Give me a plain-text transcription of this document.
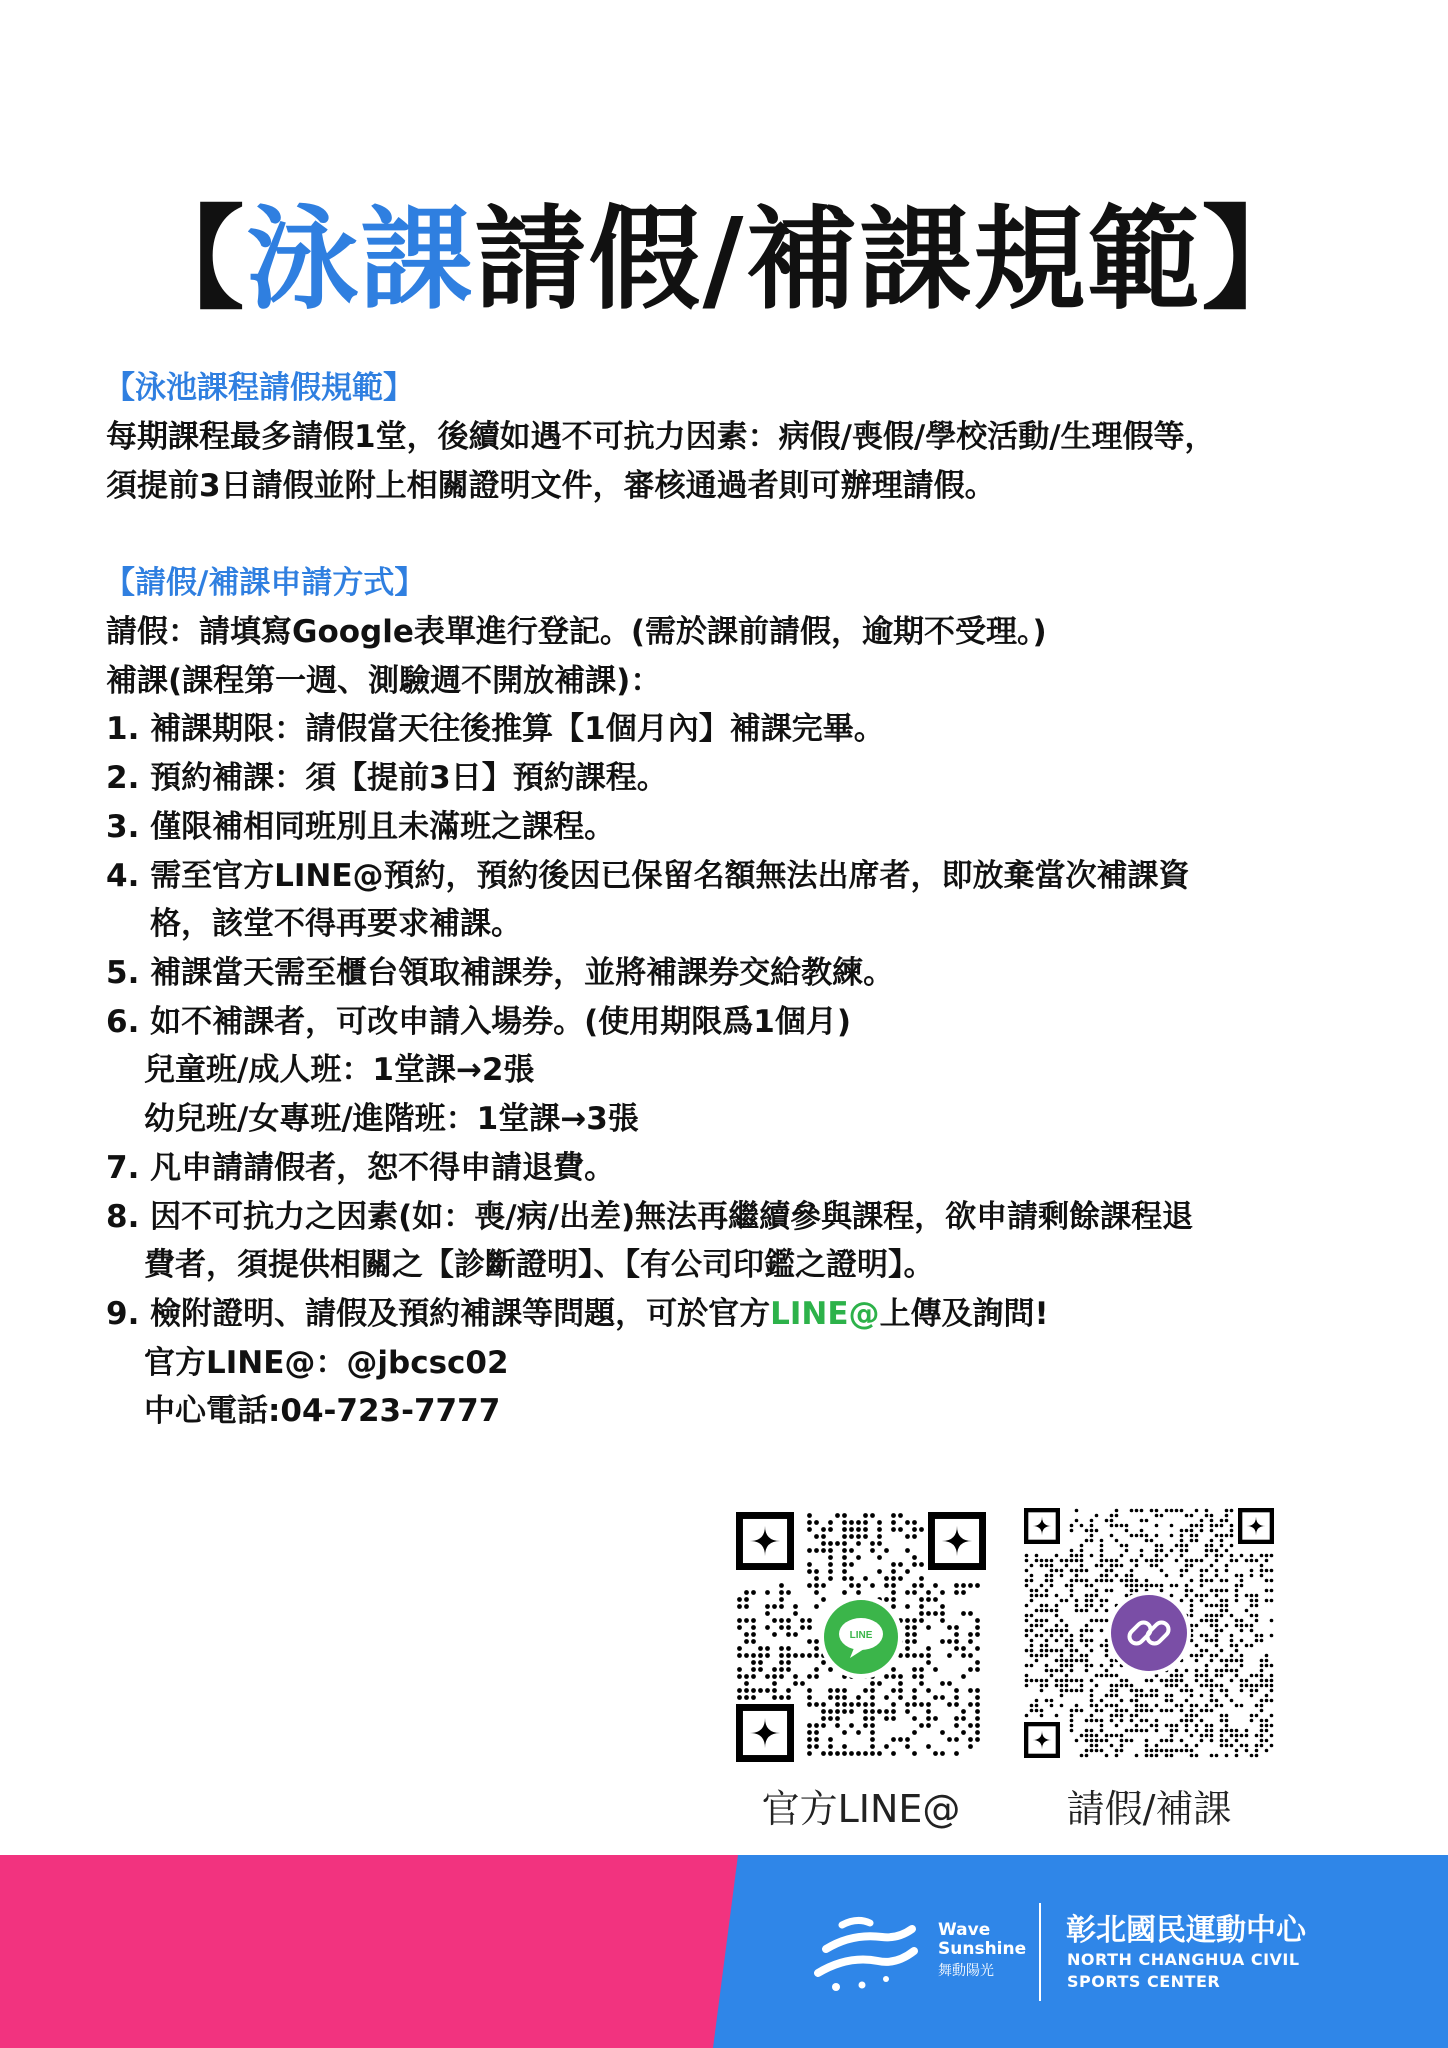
【泳課請假/補課規範】
【泳池課程請假規範】
每期課程最多請假1堂，後續如遇不可抗力因素：病假/喪假/學校活動/生理假等，
須提前3日請假並附上相關證明文件，審核通過者則可辦理請假。
【請假/補課申請方式】
請假：請填寫Google表單進行登記。(需於課前請假，逾期不受理。)
補課(課程第一週、測驗週不開放補課)：
1. 補課期限：請假當天往後推算【1個月內】補課完畢。
2. 預約補課：須【提前3日】預約課程。
3. 僅限補相同班別且未滿班之課程。
4. 需至官方LINE@預約，預約後因已保留名額無法出席者，即放棄當次補課資
格，該堂不得再要求補課。
5. 補課當天需至櫃台領取補課券，並將補課券交給教練。
6. 如不補課者，可改申請入場券。(使用期限爲1個月)
兒童班/成人班：1堂課→2張
幼兒班/女專班/進階班：1堂課→3張
7. 凡申請請假者，恕不得申請退費。
8. 因不可抗力之因素(如：喪/病/出差)無法再繼續參與課程，欲申請剩餘課程退
費者，須提供相關之【診斷證明】、【有公司印鑑之證明】。
9. 檢附證明、請假及預約補課等問題，可於官方LINE@上傳及詢問!
官方LINE@：@jbcsc02
中心電話:04-723-7777
LINE
官方LINE@	請假/補課
Wave
Sunshine
舞動陽光
彰北國民運動中心
NORTH CHANGHUA CIVIL
SPORTS CENTER
